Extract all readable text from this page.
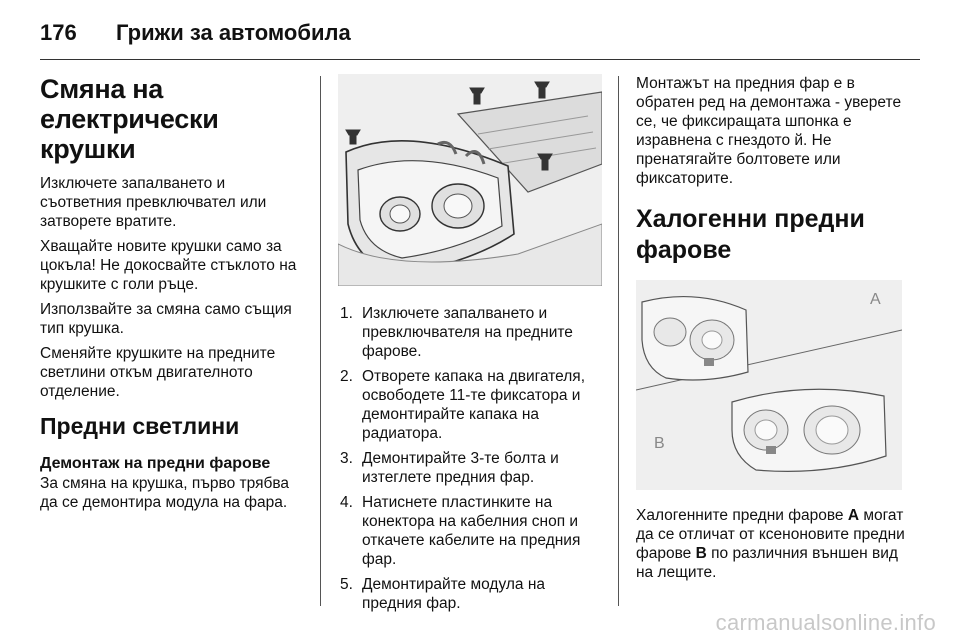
176 Грижи за автомобила
Смяна на електрически крушки

Изключете запалването и съответния превключвател или затворете вратите.

Хващайте новите крушки само за цокъла! Не докосвайте стъклото на крушките с голи ръце.

Използвайте за смяна само същия тип крушка.

Сменяйте крушките на предните светлини откъм двигателното отделение.

Предни светлини
Демонтаж на предни фарове

За смяна на крушка, първо трябва да се демонтира модула на фара.

1. Изключете запалването и превключвателя на предните фарове.
2. Отворете капака на двигателя, освободете 11-те фиксатора и демонтирайте капака на радиатора.
3. Демонтирайте 3-те болта и изтеглете предния фар.
4. Натиснете пластинките на конектора на кабелния сноп и откачете кабелите на предния фар.
5. Демонтирайте модула на предния фар.

Монтажът на предния фар е в обратен ред на демонтажа - уверете се, че фиксиращата шпонка е изравнена с гнездото й. Не пренатягайте болтовете или фиксаторите.

Халогенни предни фарове
A
B

Халогенните предни фарове A могат да се отличат от ксеноновите предни фарове B по различния външен вид на лещите.

carmanualsonline.info
